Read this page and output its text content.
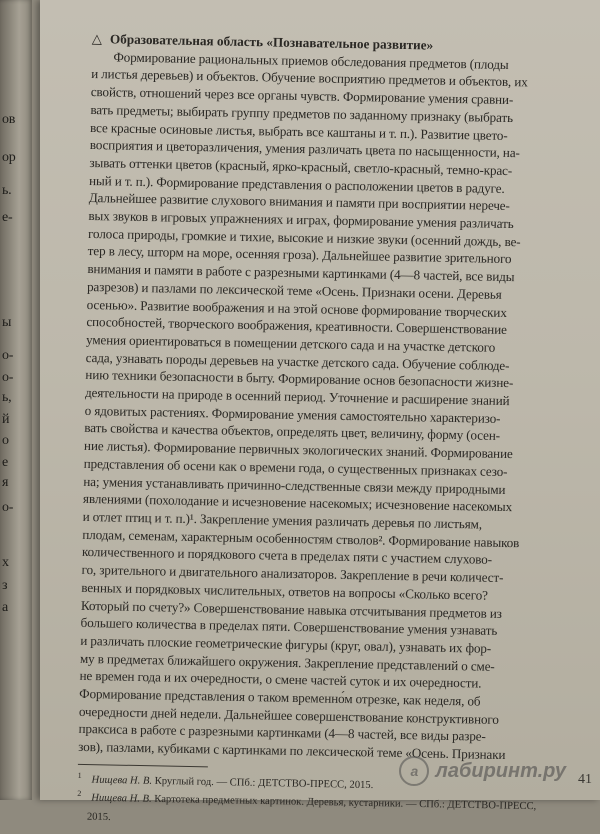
ов
ор
ь.
е-
ы
о-
о-
ь,
й
о
е
я
о-
х
з
а
△ Образовательная область «Познавательное развитие»
Формирование рациональных приемов обследования предметов (плоды
и листья деревьев) и объектов. Обучение восприятию предметов и объектов, их
свойств, отношений через все органы чувств. Формирование умения сравни-
вать предметы; выбирать группу предметов по заданному признаку (выбрать
все красные осиновые листья, выбрать все каштаны и т. п.). Развитие цвето-
восприятия и цветоразличения, умения различать цвета по насыщенности, на-
зывать оттенки цветов (красный, ярко-красный, светло-красный, темно-крас-
ный и т. п.). Формирование представления о расположении цветов в радуге.
Дальнейшее развитие слухового внимания и памяти при восприятии нерече-
вых звуков в игровых упражнениях и играх, формирование умения различать
голоса природы, громкие и тихие, высокие и низкие звуки (осенний дождь, ве-
тер в лесу, шторм на море, осенняя гроза). Дальнейшее развитие зрительного
внимания и памяти в работе с разрезными картинками (4—8 частей, все виды
разрезов) и пазлами по лексической теме «Осень. Признаки осени. Деревья
осенью». Развитие воображения и на этой основе формирование творческих
способностей, творческого воображения, креативности. Совершенствование
умения ориентироваться в помещении детского сада и на участке детского
сада, узнавать породы деревьев на участке детского сада. Обучение соблюде-
нию техники безопасности в быту. Формирование основ безопасности жизне-
деятельности на природе в осенний период. Уточнение и расширение знаний
о ядовитых растениях. Формирование умения самостоятельно характеризо-
вать свойства и качества объектов, определять цвет, величину, форму (осен-
ние листья). Формирование первичных экологических знаний. Формирование
представления об осени как о времени года, о существенных признаках сезо-
на; умения устанавливать причинно-следственные связи между природными
явлениями (похолодание и исчезновение насекомых; исчезновение насекомых
и отлет птиц и т. п.)¹. Закрепление умения различать деревья по листьям,
плодам, семенам, характерным особенностям стволов². Формирование навыков
количественного и порядкового счета в пределах пяти с участием слухово-
го, зрительного и двигательного анализаторов. Закрепление в речи количест-
венных и порядковых числительных, ответов на вопросы «Сколько всего?
Который по счету?» Совершенствование навыка отсчитывания предметов из
большего количества в пределах пяти. Совершенствование умения узнавать
и различать плоские геометрические фигуры (круг, овал), узнавать их фор-
му в предметах ближайшего окружения. Закрепление представлений о сме-
не времен года и их очередности, о смене частей суток и их очередности.
Формирование представления о таком временно́м отрезке, как неделя, об
очередности дней недели. Дальнейшее совершенствование конструктивного
праксиса в работе с разрезными картинками (4—8 частей, все виды разре-
зов), пазлами, кубиками с картинками по лексической теме «Осень. Признаки
$^1$ Нищева Н. В. Круглый год. — СПб.: ДЕТСТВО-ПРЕСС, 2015.
$^2$ Нищева Н. В. Картотека предметных картинок. Деревья, кустарники. — СПб.: ДЕТСТВО-ПРЕСС,
2015.
a лабиринт.ру 41
